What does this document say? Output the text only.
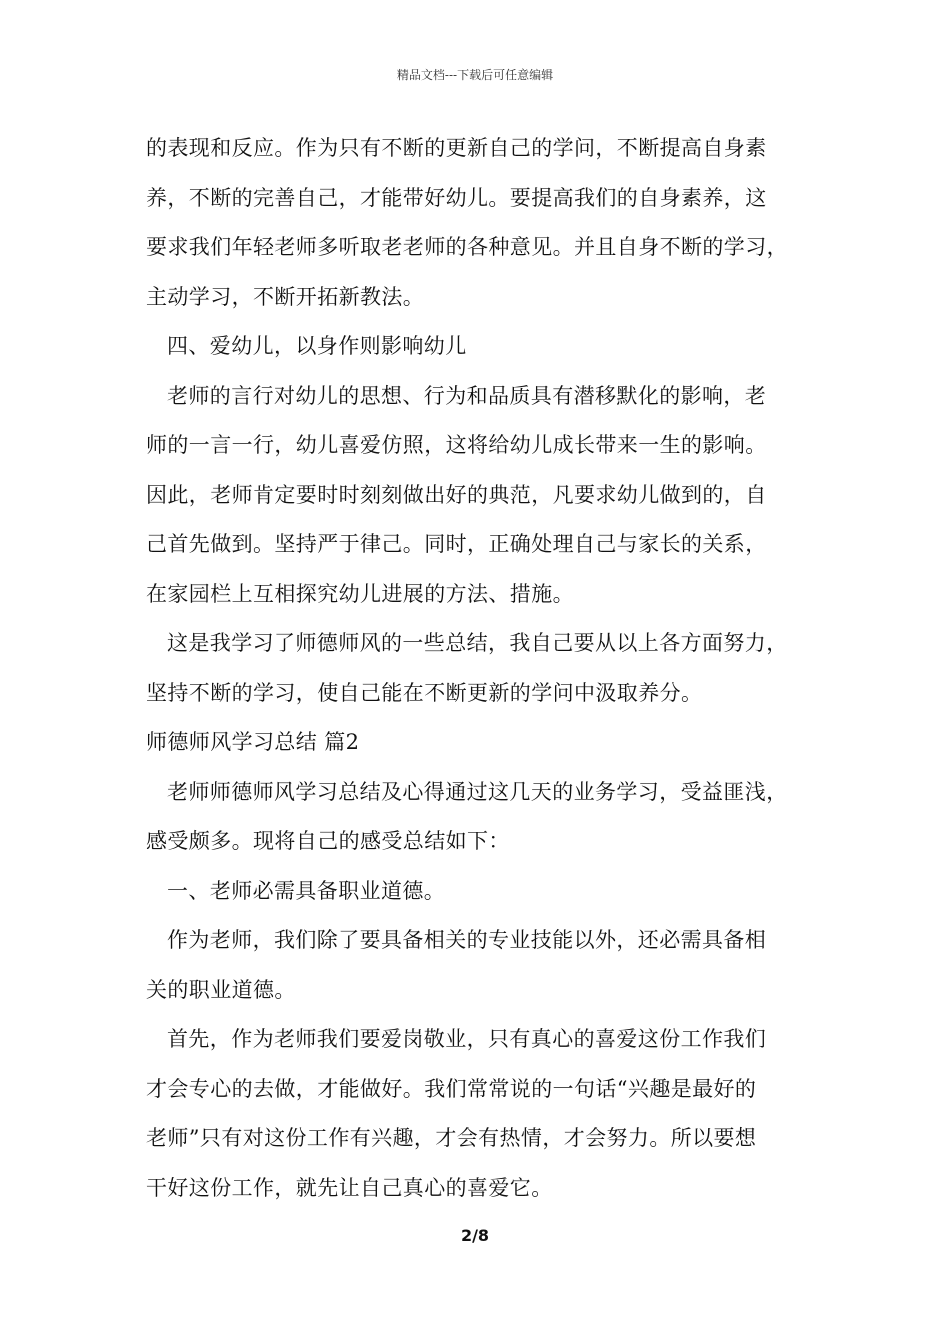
精品文档---下载后可任意编辑
的表现和反应。作为只有不断的更新自己的学问，不断提高自身素
养，不断的完善自己，才能带好幼儿。要提高我们的自身素养，这
要求我们年轻老师多听取老老师的各种意见。并且自身不断的学习，
主动学习，不断开拓新教法。
四、爱幼儿，以身作则影响幼儿
老师的言行对幼儿的思想、行为和品质具有潜移默化的影响，老
师的一言一行，幼儿喜爱仿照，这将给幼儿成长带来一生的影响。
因此，老师肯定要时时刻刻做出好的典范，凡要求幼儿做到的，自
己首先做到。坚持严于律己。同时，正确处理自己与家长的关系，
在家园栏上互相探究幼儿进展的方法、措施。
这是我学习了师德师风的一些总结，我自己要从以上各方面努力，
坚持不断的学习，使自己能在不断更新的学问中汲取养分。
师德师风学习总结 篇2
老师师德师风学习总结及心得通过这几天的业务学习，受益匪浅，
感受颇多。现将自己的感受总结如下：
一、老师必需具备职业道德。
作为老师，我们除了要具备相关的专业技能以外，还必需具备相
关的职业道德。
首先，作为老师我们要爱岗敬业，只有真心的喜爱这份工作我们
才会专心的去做，才能做好。我们常常说的一句话“兴趣是最好的
老师”只有对这份工作有兴趣，才会有热情，才会努力。所以要想
干好这份工作，就先让自己真心的喜爱它。
2/8
